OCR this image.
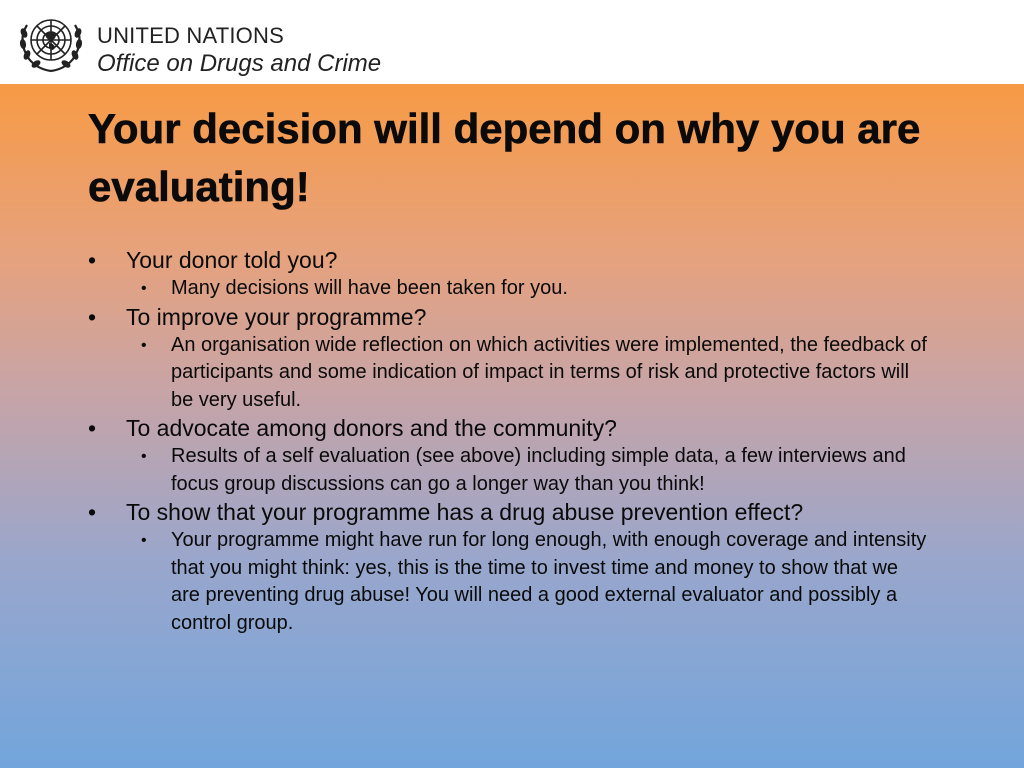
UNITED NATIONS
Office on Drugs and Crime
Your decision will depend on why you are evaluating!
• Your donor told you?
• Many decisions will have been taken for you.
• To improve your programme?
• An organisation wide reflection on which activities were implemented, the feedback of participants and some indication of impact in terms of risk and protective factors will be very useful.
• To advocate among donors and the community?
• Results of a self evaluation (see above) including simple data, a few interviews and focus group discussions can go a longer way than you think!
• To show that your programme has a drug abuse prevention effect?
• Your programme might have run for long enough, with enough coverage and intensity that you might think: yes, this is the time to invest time and money to show that we are preventing drug abuse! You will need a good external evaluator and possibly a control group.
